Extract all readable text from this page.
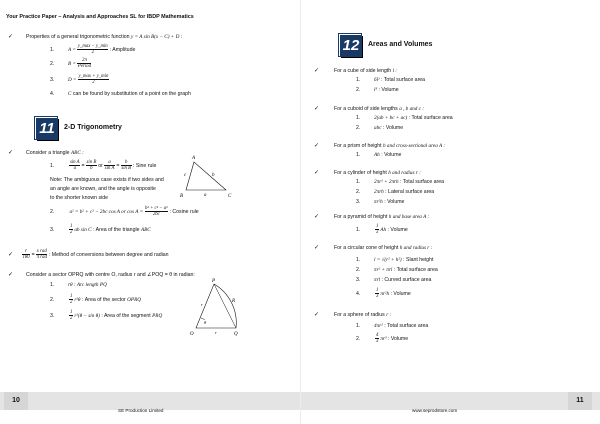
Your Practice Paper – Analysis and Approaches SL for IBDP Mathematics
✓ Properties of a general trigonometric function y = A sin B(x − C) + D :
1.	$A = \frac{y\_\max - y\_\min}{2}$ : Amplitude
2.	$B = \frac{2\pi}{\text{Period}}$
3.	$D = \frac{y\_\max + y\_\min}{2}$
4.	C can be found by substitution of a point on the graph
11	2-D Trigonometry
✓ Consider a triangle ABC :
1.	$\frac{\text{sin A}}{a} = \frac{\text{sin B}}{b}$ or $\frac{a}{\text{sin A}} = \frac{b}{\text{sin B}}$ : Sine rule
Note: The ambiguous case exists if two sides and
an angle are known, and the angle is opposite
to the shorter known side
2.	a² = b² + c² − 2bc cos A or $\cos A = \frac{\text{b² + c² − a²}}{2bc}$ : Cosine rule
3.	$\frac{1}{2}$ ab sin C : Area of the triangle ABC
A
B	C
a
b
c
✓ $\frac{r}{180} = \frac{\text{x rad}}{\text{π rad}}$ : Method of conversions between degree and radian
✓ Consider a sector OPRQ with centre O, radius r and ∠POQ = θ in radian:
1.	rθ : Arc length PQ
2.	$\frac{1}{2} r^2\theta$ : Area of the sector OPRQ
3.	$\frac{1}{2} r^2(\theta - \sin \theta)$ : Area of the segment PRQ
P
R
O	Q
r
r
θ
10
SE Production Limited
12	Areas and Volumes
✓	For a cube of side length l :
1.	6l² : Total surface area
2.	l³ : Volume
✓	For a cuboid of side lengths a , b and c :
1.	2(ab + bc + ac) : Total surface area
2.	abc : Volume
✓	For a prism of height h and cross-sectional area A :
1.	Ah : Volume
✓	For a cylinder of height h and radius r :
1.	2πr² + 2πrh : Total surface area
2.	2πrh : Lateral surface area
3.	πr²h : Volume
✓	For a pyramid of height h and base area A :
1.	$\frac{1}{3}$ Ah : Volume
✓	For a circular cone of height h and radius r :
1.	l = √(r² + h²) : Slant height
2.	πr² + πrl : Total surface area
3.	πrl : Curved surface area
4.	$\frac{1}{3} \pi r^2h$ : Volume
✓	For a sphere of radius r :
1.	4πr² : Total surface area
2.	$\frac{4}{3} \pi r^3$ : Volume
11
www.seprodstore.com
